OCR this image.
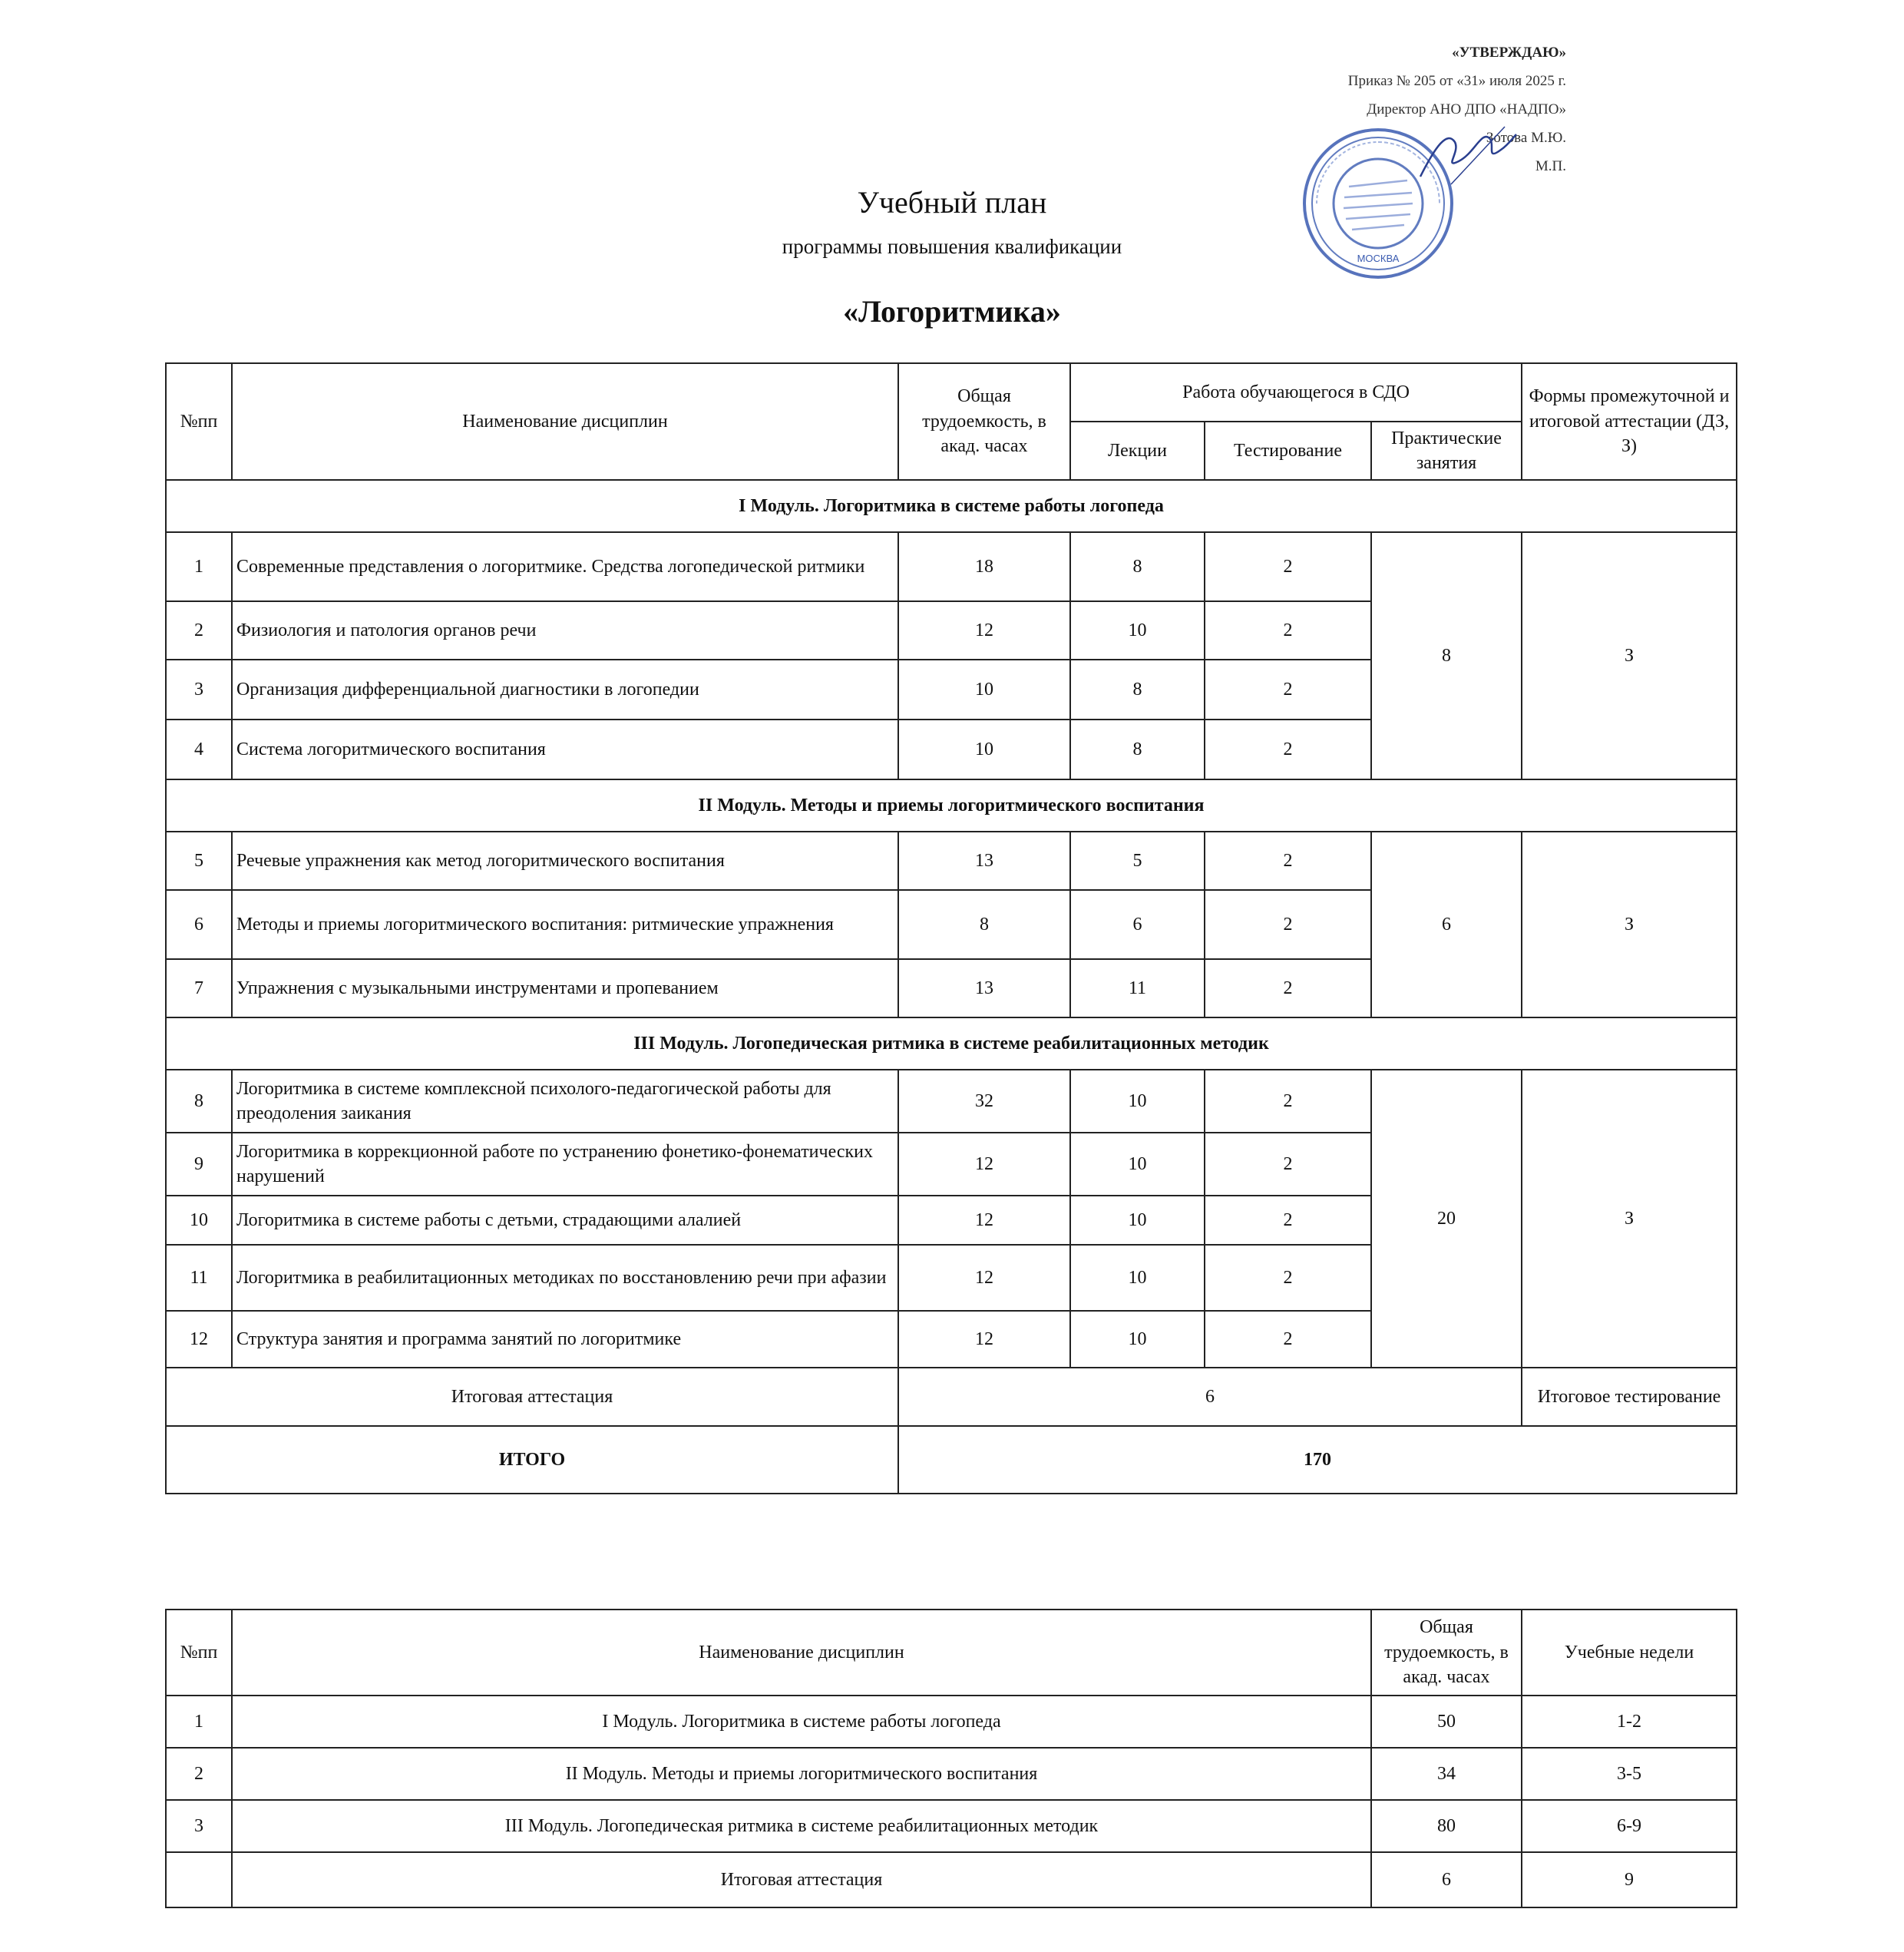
«УТВЕРЖДАЮ»
Приказ № 205 от «31» июля 2025 г.
Директор АНО ДПО «НАДПО»
Зотова М.Ю.
М.П.
МОСКВА
Учебный план
программы повышения квалификации
«Логоритмика»
№пп	Наименование дисциплин	Общая трудоемкость, в акад. часах	Работа обучающегося в СДО			Формы промежуточной и итоговой аттестации (ДЗ, З)
			Лекции	Тестирование	Практические занятия	
I Модуль. Логоритмика в системе работы логопеда						
1	Современные представления о логоритмике. Средства логопедической ритмики	18	8	2	8	З
2	Физиология и патология органов речи	12	10	2		
3	Организация дифференциальной диагностики в логопедии	10	8	2		
4	Система логоритмического воспитания	10	8	2		
II Модуль. Методы и приемы логоритмического воспитания						
5	Речевые упражнения как метод логоритмического воспитания	13	5	2	6	З
6	Методы и приемы логоритмического воспитания: ритмические упражнения	8	6	2		
7	Упражнения с музыкальными инструментами и пропеванием	13	11	2		
III Модуль. Логопедическая ритмика в системе реабилитационных методик						
8	Логоритмика в системе комплексной психолого-педагогической работы для преодоления заикания	32	10	2	20	З
9	Логоритмика в коррекционной работе по устранению фонетико-фонематических нарушений	12	10	2		
10	Логоритмика в системе работы с детьми, страдающими алалией	12	10	2		
11	Логоритмика в реабилитационных методиках по восстановлению речи при афазии	12	10	2		
12	Структура занятия и программа занятий по логоритмике	12	10	2		
Итоговая аттестация		6				Итоговое тестирование
ИТОГО		170				
№пп	Наименование дисциплин	Общая трудоемкость, в акад. часах	Учебные недели
1	I Модуль. Логоритмика в системе работы логопеда	50	1-2
2	II Модуль. Методы и приемы логоритмического воспитания	34	3-5
3	III Модуль. Логопедическая ритмика в системе реабилитационных методик	80	6-9
	Итоговая аттестация	6	9
